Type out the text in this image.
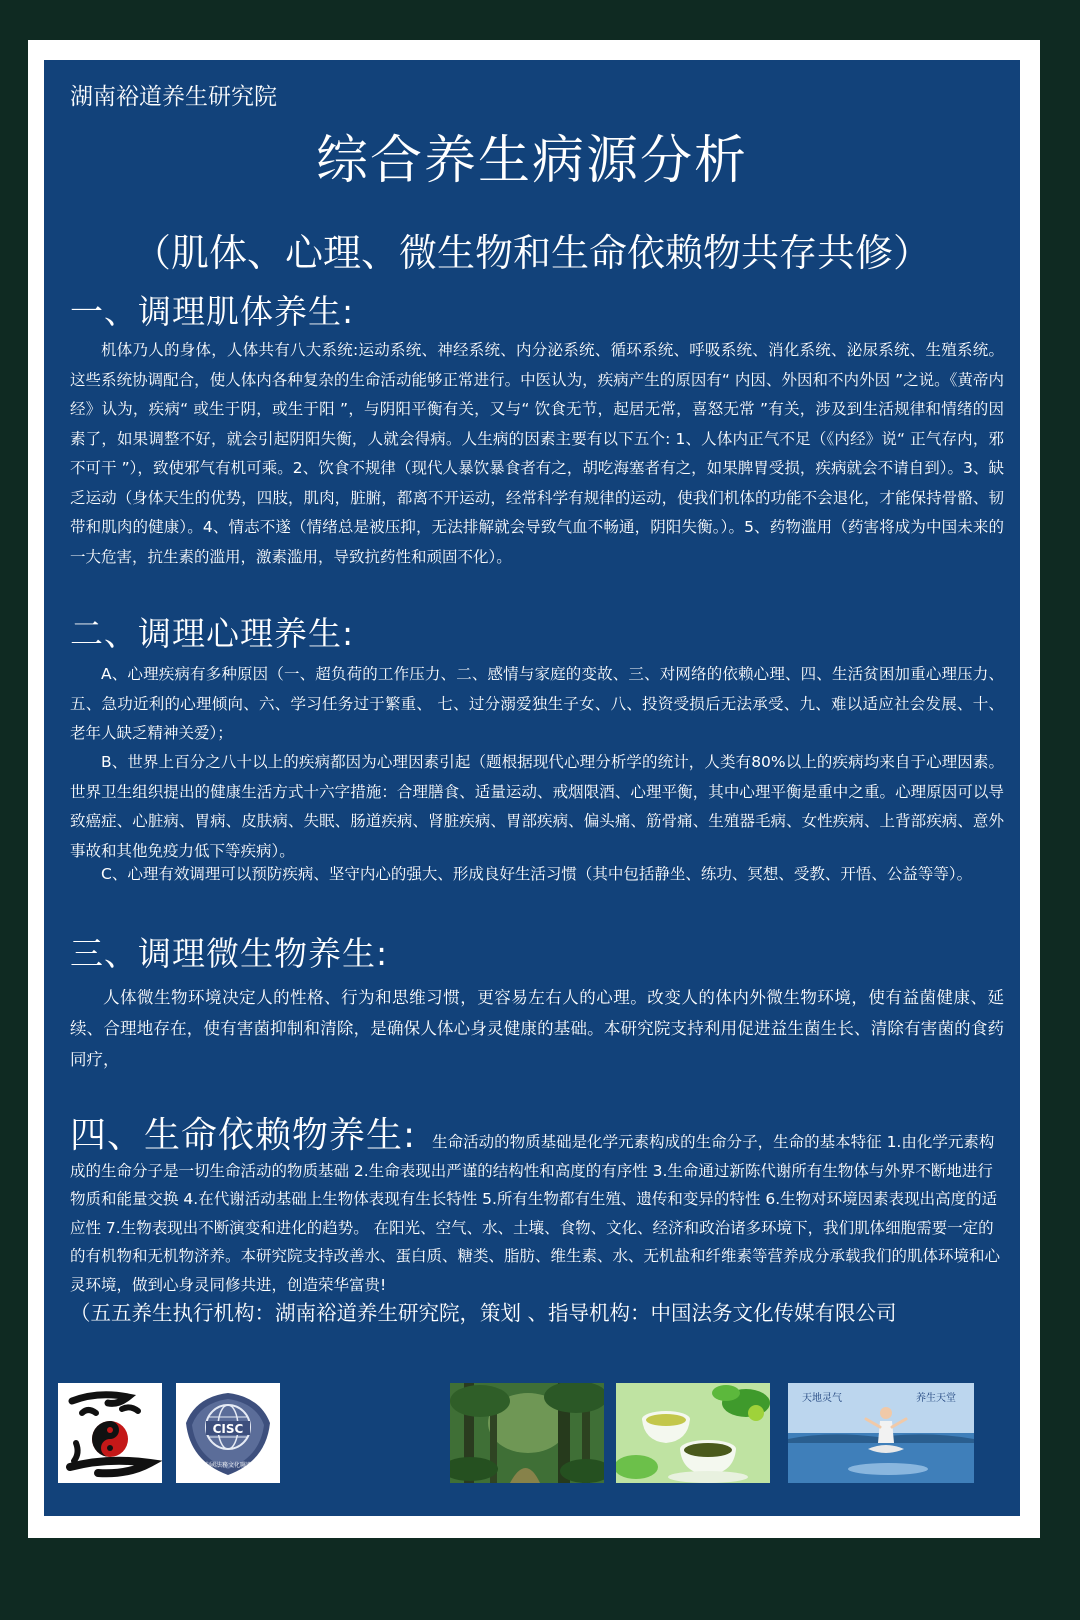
湖南裕道养生研究院
综合养生病源分析
（肌体、心理、微生物和生命依赖物共存共修）
一、调理肌体养生:

机体乃人的身体，人体共有八大系统:运动系统、神经系统、内分泌系统、循环系统、呼吸系统、消化系统、泌尿系统、生殖系统。这些系统协调配合，使人体内各种复杂的生命活动能够正常进行。中医认为，疾病产生的原因有“ 内因、外因和不内外因 ”之说。《黄帝内经》认为，疾病“ 或生于阴，或生于阳 ”，与阴阳平衡有关，又与“ 饮食无节，起居无常，喜怒无常 ”有关，涉及到生活规律和情绪的因素了，如果调整不好，就会引起阴阳失衡，人就会得病。人生病的因素主要有以下五个: 1、人体内正气不足（《内经》说“ 正气存内，邪不可干 ”），致使邪气有机可乘。2、饮食不规律（现代人暴饮暴食者有之，胡吃海塞者有之，如果脾胃受损，疾病就会不请自到）。3、缺乏运动（身体天生的优势，四肢，肌肉，脏腑，都离不开运动，经常科学有规律的运动，使我们机体的功能不会退化，才能保持骨骼、韧带和肌肉的健康）。4、情志不遂（情绪总是被压抑，无法排解就会导致气血不畅通，阴阳失衡。）。5、药物滥用（药害将成为中国未来的一大危害，抗生素的滥用，激素滥用，导致抗药性和顽固不化）。

二、调理心理养生:

A、心理疾病有多种原因（一、超负荷的工作压力、二、感情与家庭的变故、三、对网络的依赖心理、四、生活贫困加重心理压力、五、急功近利的心理倾向、六、学习任务过于繁重、 七、过分溺爱独生子女、八、投资受损后无法承受、九、难以适应社会发展、十、老年人缺乏精神关爱）；

B、世界上百分之八十以上的疾病都因为心理因素引起（题根据现代心理分析学的统计，人类有80%以上的疾病均来自于心理因素。世界卫生组织提出的健康生活方式十六字措施：合理膳食、适量运动、戒烟限酒、心理平衡，其中心理平衡是重中之重。心理原因可以导致癌症、心脏病、胃病、皮肤病、失眠、肠道疾病、肾脏疾病、胃部疾病、偏头痛、筋骨痛、生殖器毛病、女性疾病、上背部疾病、意外事故和其他免疫力低下等疾病）。

C、心理有效调理可以预防疾病、坚守内心的强大、形成良好生活习惯（其中包括静坐、练功、冥想、受教、开悟、公益等等）。

三、调理微生物养生:

人体微生物环境决定人的性格、行为和思维习惯，更容易左右人的心理。改变人的体内外微生物环境，使有益菌健康、延续、合理地存在，使有害菌抑制和清除，是确保人体心身灵健康的基础。本研究院支持利用促进益生菌生长、清除有害菌的食药同疗，

四、生命依赖物养生: 生命活动的物质基础是化学元素构成的生命分子，生命的基本特征 1.由化学元素构成的生命分子是一切生命活动的物质基础 2.生命表现出严谨的结构性和高度的有序性 3.生命通过新陈代谢所有生物体与外界不断地进行物质和能量交换 4.在代谢活动基础上生物体表现有生长特性 5.所有生物都有生殖、遗传和变异的特性 6.生物对环境因素表现出高度的适应性 7.生物表现出不断演变和进化的趋势。 在阳光、空气、水、土壤、食物、文化、经济和政治诸多环境下，我们肌体细胞需要一定的的有机物和无机物济养。本研究院支持改善水、蛋白质、糖类、脂肪、维生素、水、无机盐和纤维素等营养成分承载我们的肌体环境和心灵环境，做到心身灵同修共进，创造荣华富贵!

（五五养生执行机构：湖南裕道养生研究院，策划 、指导机构：中国法务文化传媒有限公司
CISC
中國法務文化聯盟
天地灵气	养生天堂
